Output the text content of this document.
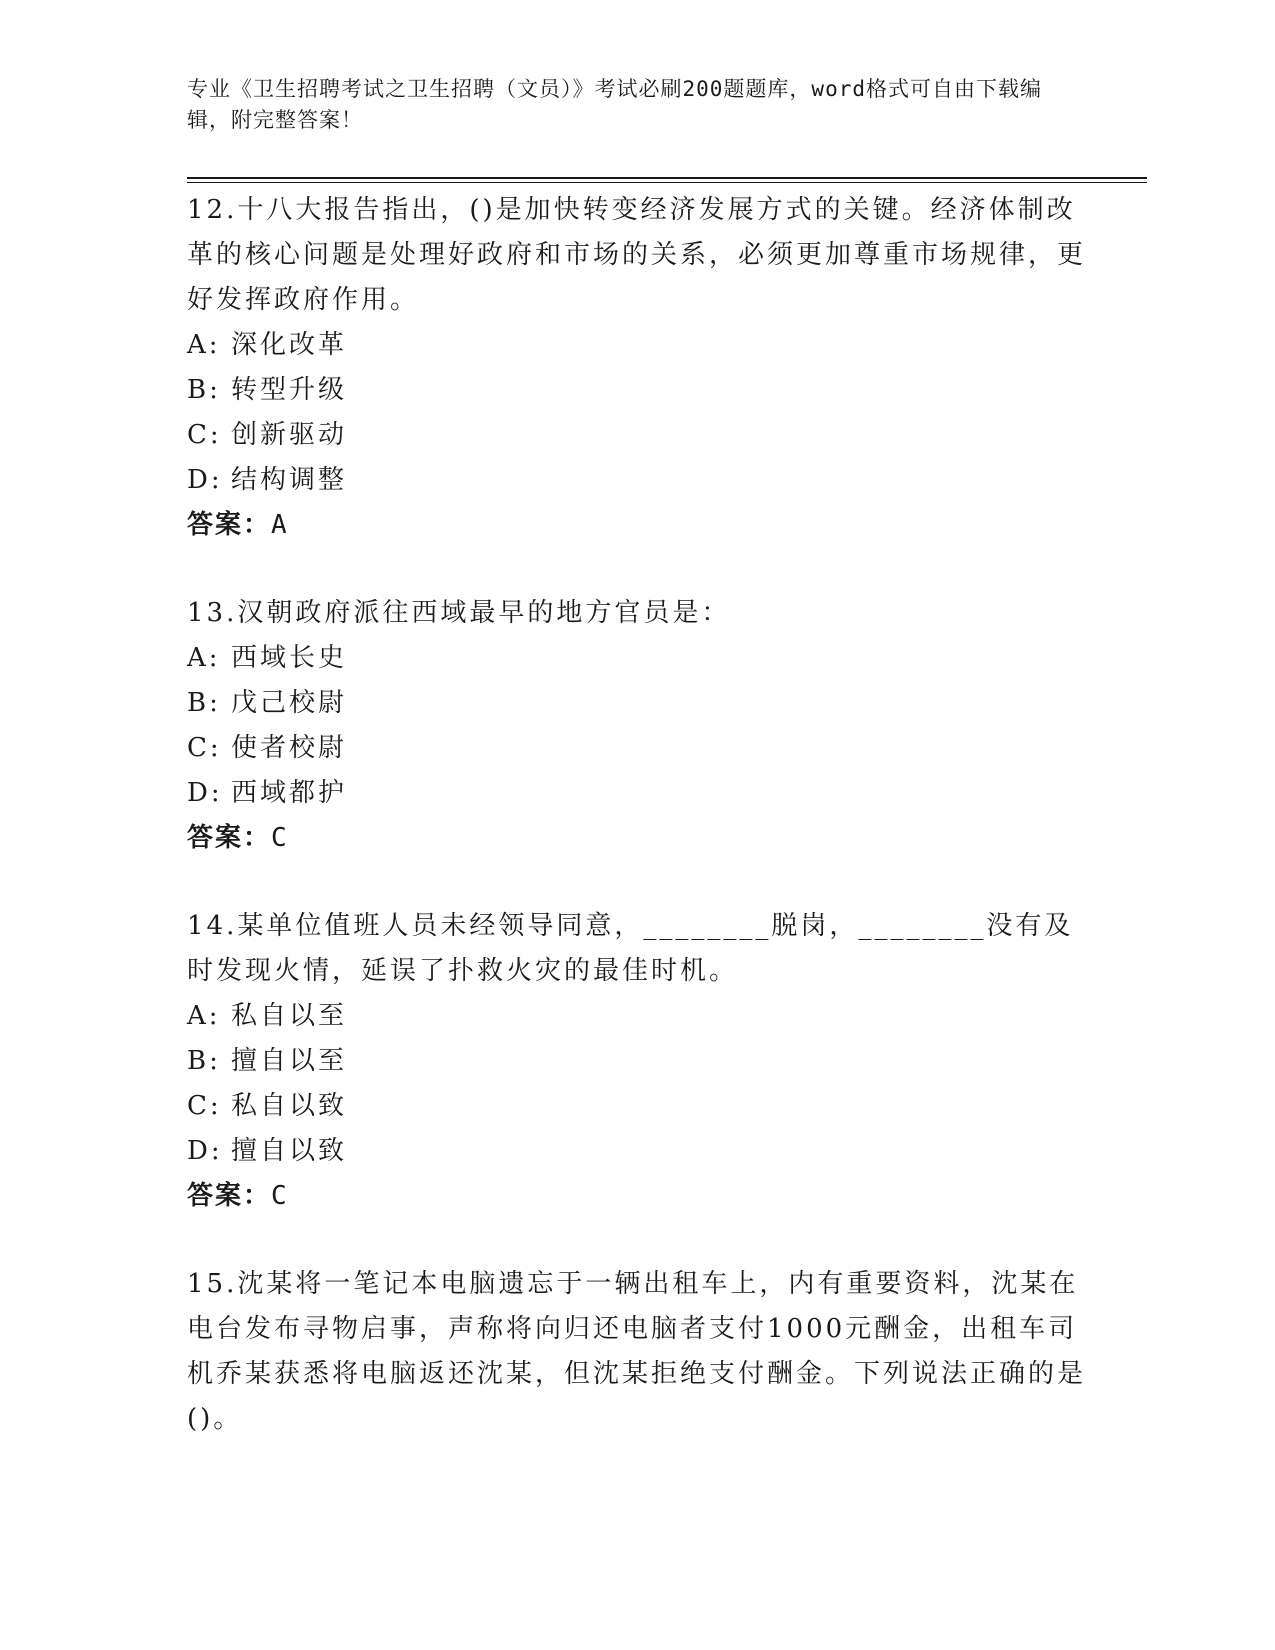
专业《卫生招聘考试之卫生招聘（文员）》考试必刷200题题库，word格式可自由下载编辑，附完整答案！

12.十八大报告指出，()是加快转变经济发展方式的关键。经济体制改革的核心问题是处理好政府和市场的关系，必须更加尊重市场规律，更好发挥政府作用。

A: 深化改革

B: 转型升级

C: 创新驱动

D: 结构调整

答案：A

13.汉朝政府派往西域最早的地方官员是：

A: 西域长史

B: 戊己校尉

C: 使者校尉

D: 西域都护

答案：C

14.某单位值班人员未经领导同意，________脱岗，________没有及时发现火情，延误了扑救火灾的最佳时机。

A: 私自以至

B: 擅自以至

C: 私自以致

D: 擅自以致

答案：C

15.沈某将一笔记本电脑遗忘于一辆出租车上，内有重要资料，沈某在电台发布寻物启事，声称将向归还电脑者支付1000元酬金，出租车司机乔某获悉将电脑返还沈某，但沈某拒绝支付酬金。下列说法正确的是()。
